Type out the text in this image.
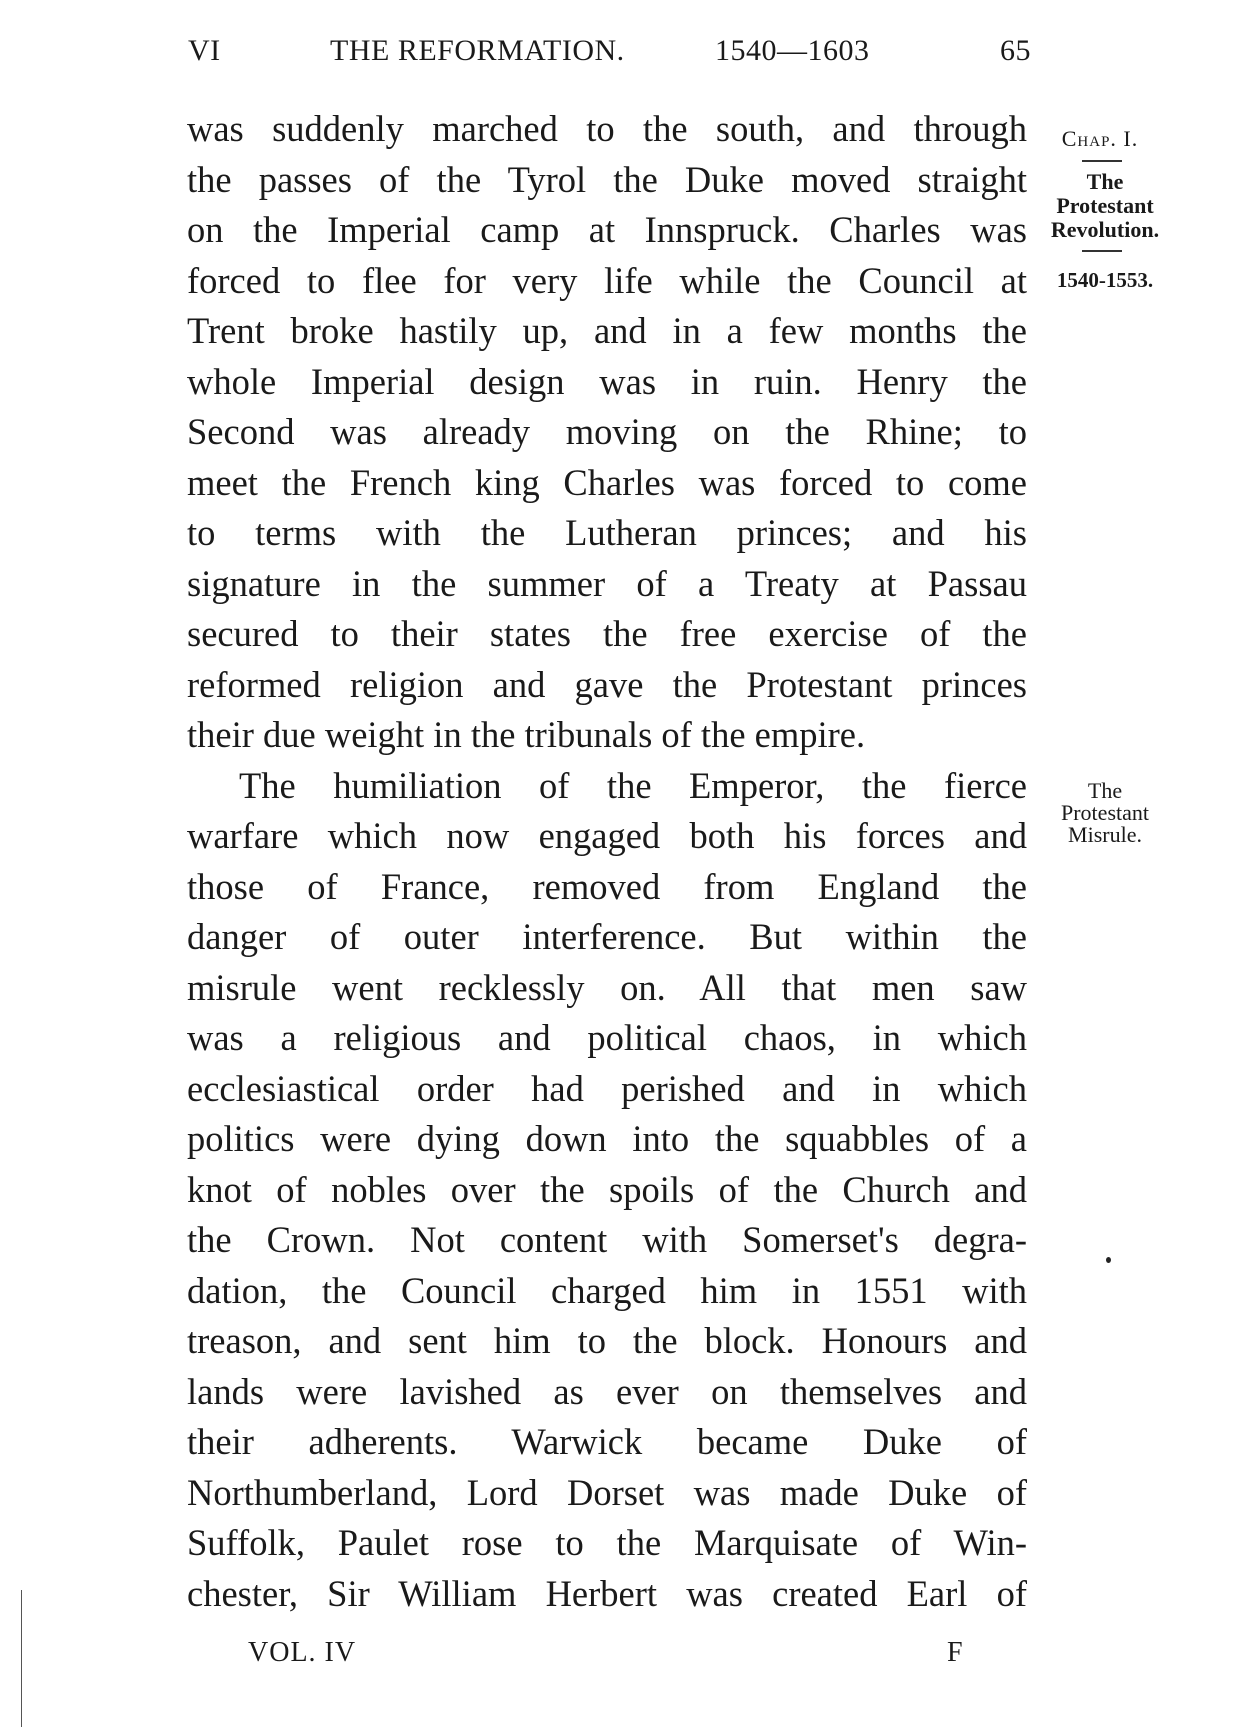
VI	THE REFORMATION.	1540—1603	65
was suddenly marched to the south, and through
the passes of the Tyrol the Duke moved straight
on the Imperial camp at Innspruck. Charles was
forced to flee for very life while the Council at
Trent broke hastily up, and in a few months the
whole Imperial design was in ruin. Henry the
Second was already moving on the Rhine; to
meet the French king Charles was forced to come
to terms with the Lutheran princes; and his
signature in the summer of a Treaty at Passau
secured to their states the free exercise of the
reformed religion and gave the Protestant princes
their due weight in the tribunals of the empire.
The humiliation of the Emperor, the fierce
warfare which now engaged both his forces and
those of France, removed from England the
danger of outer interference. But within the
misrule went recklessly on. All that men saw
was a religious and political chaos, in which
ecclesiastical order had perished and in which
politics were dying down into the squabbles of a
knot of nobles over the spoils of the Church and
the Crown. Not content with Somerset's degra-
dation, the Council charged him in 1551 with
treason, and sent him to the block. Honours and
lands were lavished as ever on themselves and
their adherents. Warwick became Duke of
Northumberland, Lord Dorset was made Duke of
Suffolk, Paulet rose to the Marquisate of Win-
chester, Sir William Herbert was created Earl of
Chap. I.
The
Protestant
Revolution.
1540-1553.
The
Protestant
Misrule.
VOL. IV	F
